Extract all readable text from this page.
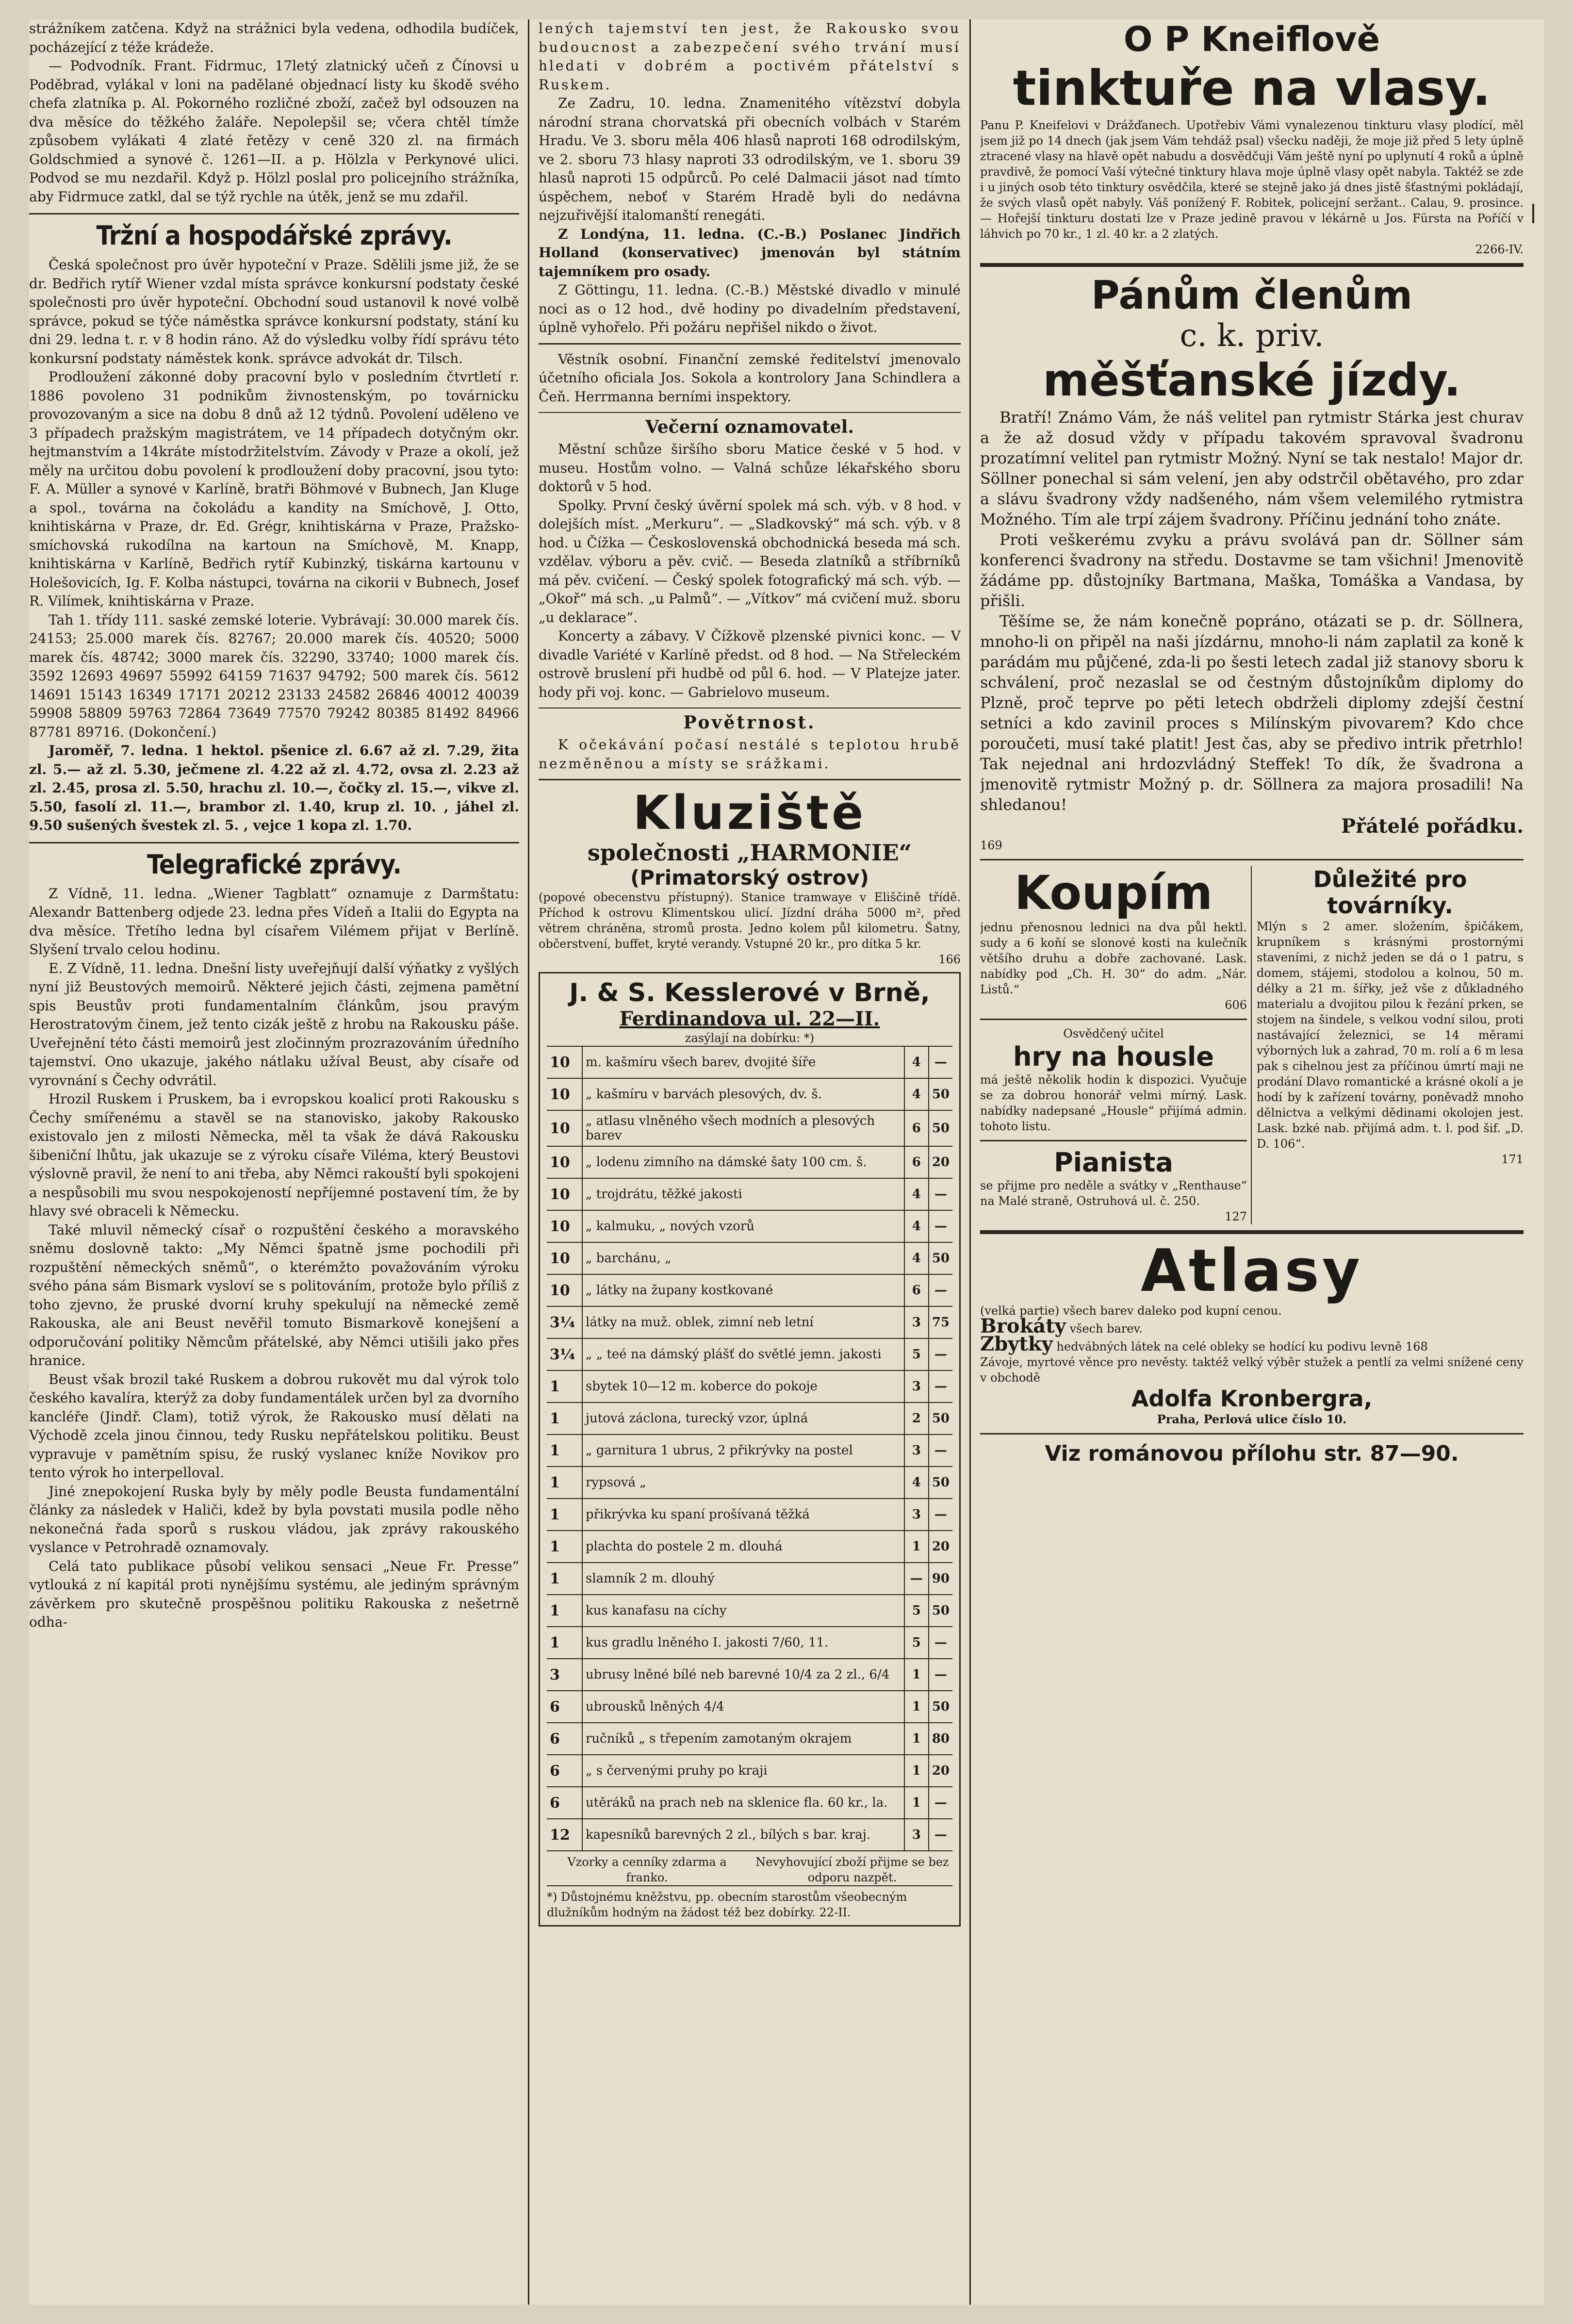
strážníkem zatčena. Když na strážnici byla vedena, odhodila budíček, pocházející z téže krádeže.

— Podvodník. Frant. Fidrmuc, 17letý zlatnický učeň z Čínovsi u Poděbrad, vylákal v loni na padělané objednací listy ku škodě svého chefa zlatníka p. Al. Pokorného rozličné zboží, začež byl odsouzen na dva měsíce do těžkého žaláře. Nepolepšil se; včera chtěl tímže způsobem vylákati 4 zlaté řetězy v ceně 320 zl. na firmách Goldschmied a synové č. 1261—II. a p. Hölzla v Perkynové ulici. Podvod se mu nezdařil. Když p. Hölzl poslal pro policejního strážníka, aby Fidrmuce zatkl, dal se týž rychle na útěk, jenž se mu zdařil.

Tržní a hospodářské zprávy.

Česká společnost pro úvěr hypoteční v Praze. Sdělili jsme již, že se dr. Bedřich rytíř Wiener vzdal místa správce konkursní podstaty české společnosti pro úvěr hypoteční. Obchodní soud ustanovil k nové volbě správce, pokud se týče náměstka správce konkursní podstaty, stání ku dni 29. ledna t. r. v 8 hodin ráno. Až do výsledku volby řídí správu této konkursní podstaty náměstek konk. správce advokát dr. Tilsch.

Prodloužení zákonné doby pracovní bylo v posledním čtvrtletí r. 1886 povoleno 31 podnikům živnostenským, po továrnicku provozovaným a sice na dobu 8 dnů až 12 týdnů. Povolení uděleno ve 3 případech pražským magistrátem, ve 14 případech dotyčným okr. hejtmanstvím a 14kráte místodržitelstvím. Závody v Praze a okolí, jež měly na určitou dobu povolení k prodloužení doby pracovní, jsou tyto: F. A. Müller a synové v Karlíně, bratři Böhmové v Bubnech, Jan Kluge a spol., továrna na čokoládu a kandity na Smíchově, J. Otto, knihtiskárna v Praze, dr. Ed. Grégr, knihtiskárna v Praze, Pražsko-smíchovská rukodílna na kartoun na Smíchově, M. Knapp, knihtiskárna v Karlíně, Bedřich rytíř Kubinzký, tiskárna kartounu v Holešovicích, Ig. F. Kolba nástupci, továrna na cikorii v Bubnech, Josef R. Vilímek, knihtiskárna v Praze.

Tah 1. třídy 111. saské zemské loterie. Vybrávají: 30.000 marek čís. 24153; 25.000 marek čís. 82767; 20.000 marek čís. 40520; 5000 marek čís. 48742; 3000 marek čís. 32290, 33740; 1000 marek čís. 3592 12693 49697 55992 64159 71637 94792; 500 marek čís. 5612 14691 15143 16349 17171 20212 23133 24582 26846 40012 40039 59908 58809 59763 72864 73649 77570 79242 80385 81492 84966 87781 89716. (Dokončení.)

Jaroměř, 7. ledna. 1 hektol. pšenice zl. 6.67 až zl. 7.29, žita zl. 5.— až zl. 5.30, ječmene zl. 4.22 až zl. 4.72, ovsa zl. 2.23 až zl. 2.45, prosa zl. 5.50, hrachu zl. 10.—, čočky zl. 15.—, vikve zl. 5.50, fasolí zl. 11.—, brambor zl. 1.40, krup zl. 10. , jáhel zl. 9.50 sušených švestek zl. 5. , vejce 1 kopa zl. 1.70.

Telegrafické zprávy.

Z Vídně, 11. ledna. „Wiener Tagblatt“ oznamuje z Darmštatu: Alexandr Battenberg odjede 23. ledna přes Vídeň a Italii do Egypta na dva měsíce. Třetího ledna byl císařem Vilémem přijat v Berlíně. Slyšení trvalo celou hodinu.

E. Z Vídně, 11. ledna. Dnešní listy uveřejňují další výňatky z vyšlých nyní již Beustových memoirů. Některé jejich části, zejmena pamětní spis Beustův proti fundamentalním článkům, jsou pravým Herostratovým činem, jež tento cizák ještě z hrobu na Rakousku páše. Uveřejnění této části memoirů jest zločinným prozrazováním úředního tajemství. Ono ukazuje, jakého nátlaku užíval Beust, aby císaře od vyrovnání s Čechy odvrátil.

Hrozil Ruskem i Pruskem, ba i evropskou koalicí proti Rakousku s Čechy smířenému a stavěl se na stanovisko, jakoby Rakousko existovalo jen z milosti Německa, měl ta však že dává Rakousku šibeniční lhůtu, jak ukazuje se z výroku císaře Viléma, který Beustovi výslovně pravil, že není to ani třeba, aby Němci rakouští byli spokojeni a nespůsobili mu svou nespokojeností nepříjemné postavení tím, že by hlavy své obraceli k Německu.

Také mluvil německý císař o rozpuštění českého a moravského sněmu doslovně takto: „My Němci špatně jsme pochodili při rozpuštění německých sněmů“, o kterémžto považováním výroku svého pána sám Bismark vysloví se s politováním, protože bylo příliš z toho zjevno, že pruské dvorní kruhy spekulují na německé země Rakouska, ale ani Beust nevěřil tomuto Bismarkově konejšení a odporučování politiky Němcům přátelské, aby Němci utišili jako přes hranice.

Beust však brozil také Ruskem a dobrou rukovět mu dal výrok tolo českého kavalíra, kterýž za doby fundamentálek určen byl za dvorního kancléře (Jindř. Clam), totiž výrok, že Rakousko musí dělati na Východě zcela jinou činnou, tedy Rusku nepřátelskou politiku. Beust vypravuje v pamětním spisu, že ruský vyslanec kníže Novikov pro tento výrok ho interpelloval.

Jiné znepokojení Ruska byly by měly podle Beusta fundamentální články za následek v Haliči, kdež by byla povstati musila podle něho nekonečná řada sporů s ruskou vládou, jak zprávy rakouského vyslance v Petrohradě oznamovaly.

Celá tato publikace působí velikou sensaci „Neue Fr. Presse“ vytlouká z ní kapitál proti nynějšímu systému, ale jediným správným závěrkem pro skutečně prospěšnou politiku Rakouska z nešetrně odha-

lených tajemství ten jest, že Rakousko svou budoucnost a zabezpečení svého trvání musí hledati v dobrém a poctivém přátelství s Ruskem.

Ze Zadru, 10. ledna. Znamenitého vítězství dobyla národní strana chorvatská při obecních volbách v Starém Hradu. Ve 3. sboru měla 406 hlasů naproti 168 odrodilským, ve 2. sboru 73 hlasy naproti 33 odrodilským, ve 1. sboru 39 hlasů naproti 15 odpůrců. Po celé Dalmacii jásot nad tímto úspěchem, neboť v Starém Hradě byli do nedávna nejzuřivější italomanští renegáti.

Z Londýna, 11. ledna. (C.-B.) Poslanec Jindřich Holland (konservativec) jmenován byl státním tajemníkem pro osady.

Z Göttingu, 11. ledna. (C.-B.) Městské divadlo v minulé noci as o 12 hod., dvě hodiny po divadelním představení, úplně vyhořelo. Při požáru nepřišel nikdo o život.

Věstník osobní. Finanční zemské ředitelství jmenovalo účetního oficiala Jos. Sokola a kontrolory Jana Schindlera a Čeň. Herrmanna berními inspektory.

Večerní oznamovatel.

Městní schůze širšího sboru Matice české v 5 hod. v museu. Hostům volno. — Valná schůze lékařského sboru doktorů v 5 hod.

Spolky. První český úvěrní spolek má sch. výb. v 8 hod. v dolejších míst. „Merkuru“. — „Sladkovský“ má sch. výb. v 8 hod. u Čížka — Československá obchodnická beseda má sch. vzdělav. výboru a pěv. cvič. — Beseda zlatníků a stříbrníků má pěv. cvičení. — Český spolek fotografický má sch. výb. — „Okoř“ má sch. „u Palmů“. — „Vítkov“ má cvičení muž. sboru „u deklarace“.

Koncerty a zábavy. V Čížkově plzenské pivnici konc. — V divadle Variété v Karlíně předst. od 8 hod. — Na Střeleckém ostrově bruslení při hudbě od půl 6. hod. — V Platejze jater. hody při voj. konc. — Gabrielovo museum.

Povětrnost.

K očekávání počasí nestálé s teplotou hrubě nezměněnou a místy se srážkami.

Kluziště
společnosti „HARMONIE“
(Primatorský ostrov)

(popové obecenstvu přístupný). Stanice tramwaye v Eliščině třídě. Příchod k ostrovu Klimentskou ulicí. Jízdní dráha 5000 m², před větrem chráněna, stromů prosta. Jedno kolem půl kilometru. Šatny, občerstvení, buffet, kryté verandy. Vstupné 20 kr., pro dítka 5 kr.

166
J. & S. Kesslerové v Brně,
Ferdinandova ul. 22—II.
zasýlají na dobírku: *)
10	m. kašmíru všech barev, dvojité šíře	4	—
10	„ kašmíru v barvách plesových, dv. š.	4	50
10	„ atlasu vlněného všech modních a plesových barev	6	50
10	„ lodenu zimního na dámské šaty 100 cm. š.	6	20
10	„ trojdrátu, těžké jakosti	4	—
10	„ kalmuku, „ nových vzorů	4	—
10	„ barchánu, „	4	50
10	„ látky na župany kostkované	6	—
3¼	látky na muž. oblek, zimní neb letní	3	75
3¼	„ „ teé na dámský plášť do světlé jemn. jakosti	5	—
1	sbytek 10—12 m. koberce do pokoje	3	—
1	jutová záclona, turecký vzor, úplná	2	50
1	„ garnitura 1 ubrus, 2 přikrývky na postel	3	—
1	rypsová „	4	50
1	přikrývka ku spaní prošívaná těžká	3	—
1	plachta do postele 2 m. dlouhá	1	20
1	slamník 2 m. dlouhý	—	90
1	kus kanafasu na cíchy	5	50
1	kus gradlu lněného I. jakosti 7/60, 11.	5	—
3	ubrusy lněné bílé neb barevné 10/4 za 2 zl., 6/4	1	—
6	ubrousků lněných 4/4	1	50
6	ručníků „ s třepením zamotaným okrajem	1	80
6	„ s červenými pruhy po kraji	1	20
6	utěráků na prach neb na sklenice fla. 60 kr., la.	1	—
12	kapesníků barevných 2 zl., bílých s bar. kraj.	3	—
Vzorky a cenníky zdarma a franko.
Nevyhovující zboží přijme se bez odporu nazpět.
*) Důstojnému kněžstvu, pp. obecním starostům všeobecným dlužníkům hodným na žádost též bez dobírky. 22-II.
O P Kneiflově
tinktuře na vlasy.

Panu P. Kneifelovi v Drážďanech. Upotřebiv Vámi vynalezenou tinkturu vlasy plodící, měl jsem již po 14 dnech (jak jsem Vám tehdáž psal) všecku naději, že moje již před 5 lety úplně ztracené vlasy na hlavě opět nabudu a dosvědčuji Vám ještě nyní po uplynutí 4 roků a úplně pravdivě, že pomocí Vaší výtečné tinktury hlava moje úplně vlasy opět nabyla. Taktéž se zde i u jiných osob této tinktury osvědčila, které se stejně jako já dnes jistě šťastnými pokládají, že svých vlasů opět nabyly. Váš ponížený F. Robitek, policejní seržant.. Calau, 9. prosince. — Hořejší tinkturu dostati lze v Praze jedině pravou v lékárně u Jos. Fürsta na Poříčí v láhvich po 70 kr., 1 zl. 40 kr. a 2 zlatých.

2266-IV.
Pánům členům
c. k. priv.
měšťanské jízdy.

Bratří! Známo Vám, že náš velitel pan rytmistr Stárka jest churav a že až dosud vždy v případu takovém spravoval švadronu prozatímní velitel pan rytmistr Možný. Nyní se tak nestalo! Major dr. Söllner ponechal si sám velení, jen aby odstrčil obětavého, pro zdar a slávu švadrony vždy nadšeného, nám všem velemilého rytmistra Možného. Tím ale trpí zájem švadrony. Příčinu jednání toho znáte.

Proti veškerému zvyku a právu svolává pan dr. Söllner sám konferenci švadrony na středu. Dostavme se tam všichni! Jmenovitě žádáme pp. důstojníky Bartmana, Maška, Tomáška a Vandasa, by přišli.

Těšíme se, že nám konečně popráno, otázati se p. dr. Söllnera, mnoho-li on připěl na naši jízdárnu, mnoho-li nám zaplatil za koně k parádám mu půjčené, zda-li po šesti letech zadal již stanovy sboru k schválení, proč nezaslal se od čestným důstojníkům diplomy do Plzně, proč teprve po pěti letech obdrželi diplomy zdejší čestní setníci a kdo zavinil proces s Milínským pivovarem? Kdo chce poroučeti, musí také platit! Jest čas, aby se předivo intrik přetrhlo! Tak nejednal ani hrdozvládný Steffek! To dík, že švadrona a jmenovitě rytmistr Možný p. dr. Söllnera za majora prosadili! Na shledanou!

Přátelé pořádku.
169
Koupím

jednu přenosnou lednici na dva půl hektl. sudy a 6 koňí se slonové kosti na kulečník většího druhu a dobře zachované. Lask. nabídky pod „Ch. H. 30“ do adm. „Nár. Listů.“

606
Osvědčený učitel
hry na housle

má ještě několik hodin k dispozici. Vyučuje se za dobrou honorář velmi mírný. Lask. nabídky nadepsané „Housle“ přijímá admin. tohoto listu.

Pianista

se přijme pro neděle a svátky v „Renthause“ na Malé straně, Ostruhová ul. č. 250.

127
Důležité pro továrníky.

Mlýn s 2 amer. složením, špičákem, krupníkem s krásnými prostornými staveními, z nichž jeden se dá o 1 patru, s domem, stájemi, stodolou a kolnou, 50 m. délky a 21 m. šířky, jež vše z důkladného materialu a dvojitou pilou k řezání prken, se stojem na šindele, s velkou vodní silou, proti nastávající železnici, se 14 měrami výborných luk a zahrad, 70 m. rolí a 6 m lesa pak s cihelnou jest za příčinou úmrtí maji ne prodání Dlavo romantické a krásné okolí a je hodí by k zařízení továrny, poněvadž mnoho dělnictva a velkými dědinami okolojen jest. Lask. bzké nab. přijímá adm. t. l. pod šif. „D. D. 106“.

171
Atlasy

(velká partie) všech barev daleko pod kupní cenou.

Brokáty všech barev.

Zbytky hedvábných látek na celé obleky se hodící ku podivu levně 168

Závoje, myrtové věnce pro nevěsty. taktéž velký výběr stužek a pentlí za velmi snížené ceny v obchodě

Adolfa Kronbergra,
Praha, Perlová ulice číslo 10.
Viz románovou přílohu str. 87—90.
